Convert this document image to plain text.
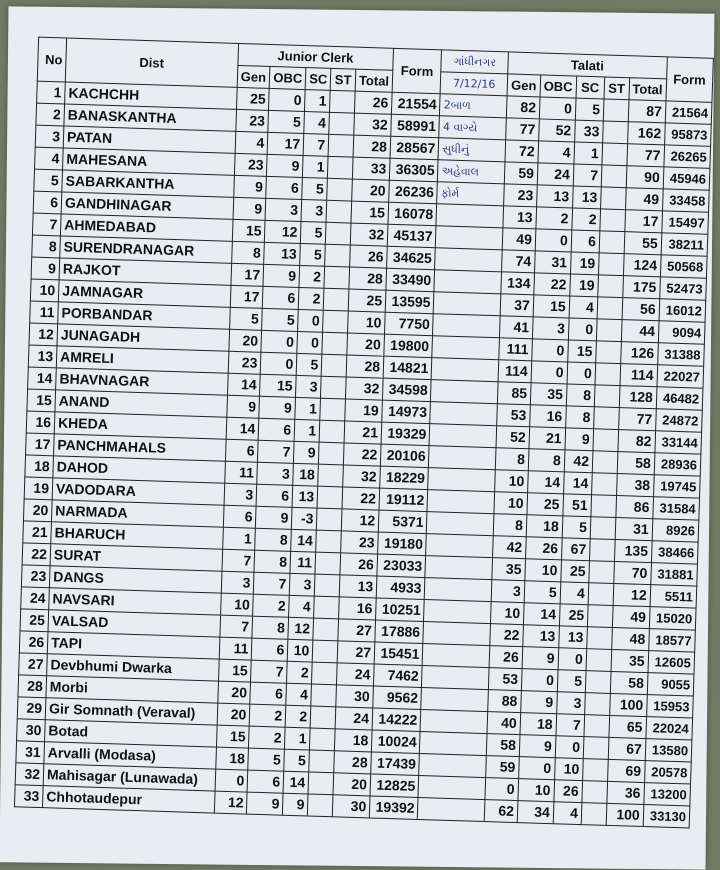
No	Dist	Junior Clerk					Form	ગાંધીનગર	Talati					Form
		Gen	OBC	SC	ST	Total		7/12/16	Gen	OBC	SC	ST	Total	
1	KACHCHH	25	0	1		26	21554	2બાળ	82	0	5		87	21564
2	BANASKANTHA	23	5	4		32	58991	4 વાગ્યે	77	52	33		162	95873
3	PATAN	4	17	7		28	28567	સુધીનું	72	4	1		77	26265
4	MAHESANA	23	9	1		33	36305	અહેવાલ	59	24	7		90	45946
5	SABARKANTHA	9	6	5		20	26236	ફોર્મ	23	13	13		49	33458
6	GANDHINAGAR	9	3	3		15	16078		13	2	2		17	15497
7	AHMEDABAD	15	12	5		32	45137		49	0	6		55	38211
8	SURENDRANAGAR	8	13	5		26	34625		74	31	19		124	50568
9	RAJKOT	17	9	2		28	33490		134	22	19		175	52473
10	JAMNAGAR	17	6	2		25	13595		37	15	4		56	16012
11	PORBANDAR	5	5	0		10	7750		41	3	0		44	9094
12	JUNAGADH	20	0	0		20	19800		111	0	15		126	31388
13	AMRELI	23	0	5		28	14821		114	0	0		114	22027
14	BHAVNAGAR	14	15	3		32	34598		85	35	8		128	46482
15	ANAND	9	9	1		19	14973		53	16	8		77	24872
16	KHEDA	14	6	1		21	19329		52	21	9		82	33144
17	PANCHMAHALS	6	7	9		22	20106		8	8	42		58	28936
18	DAHOD	11	3	18		32	18229		10	14	14		38	19745
19	VADODARA	3	6	13		22	19112		10	25	51		86	31584
20	NARMADA	6	9	-3		12	5371		8	18	5		31	8926
21	BHARUCH	1	8	14		23	19180		42	26	67		135	38466
22	SURAT	7	8	11		26	23033		35	10	25		70	31881
23	DANGS	3	7	3		13	4933		3	5	4		12	5511
24	NAVSARI	10	2	4		16	10251		10	14	25		49	15020
25	VALSAD	7	8	12		27	17886		22	13	13		48	18577
26	TAPI	11	6	10		27	15451		26	9	0		35	12605
27	Devbhumi Dwarka	15	7	2		24	7462		53	0	5		58	9055
28	Morbi	20	6	4		30	9562		88	9	3		100	15953
29	Gir Somnath (Veraval)	20	2	2		24	14222		40	18	7		65	22024
30	Botad	15	2	1		18	10024		58	9	0		67	13580
31	Arvalli (Modasa)	18	5	5		28	17439		59	0	10		69	20578
32	Mahisagar (Lunawada)	0	6	14		20	12825		0	10	26		36	13200
33	Chhotaudepur	12	9	9		30	19392		62	34	4		100	33130
